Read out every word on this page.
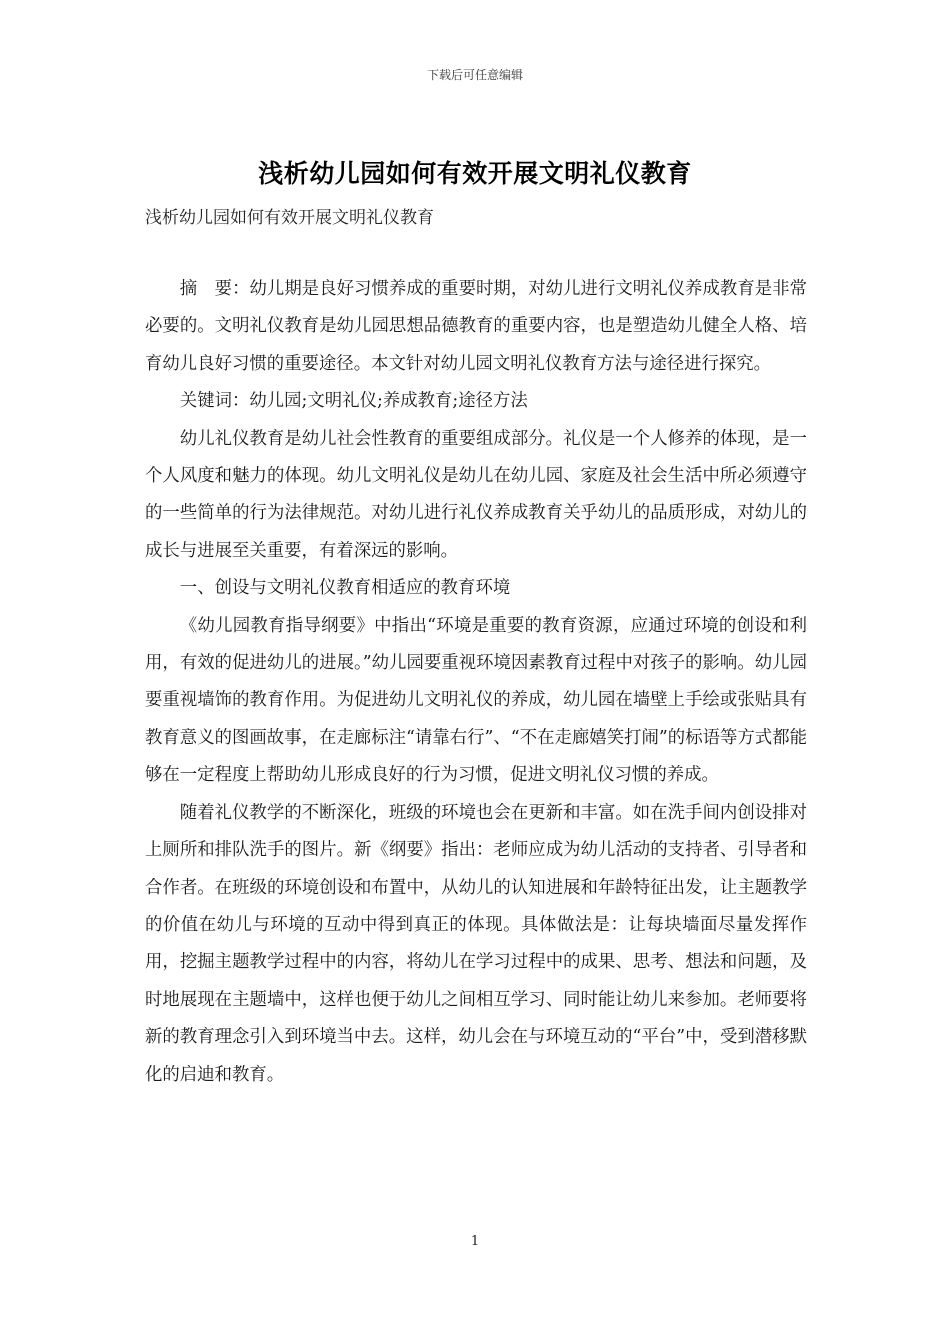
下载后可任意编辑
浅析幼儿园如何有效开展文明礼仪教育
浅析幼儿园如何有效开展文明礼仪教育

摘　要：幼儿期是良好习惯养成的重要时期，对幼儿进行文明礼仪养成教育是非常必要的。文明礼仪教育是幼儿园思想品德教育的重要内容，也是塑造幼儿健全人格、培育幼儿良好习惯的重要途径。本文针对幼儿园文明礼仪教育方法与途径进行探究。

关键词：幼儿园;文明礼仪;养成教育;途径方法

幼儿礼仪教育是幼儿社会性教育的重要组成部分。礼仪是一个人修养的体现，是一个人风度和魅力的体现。幼儿文明礼仪是幼儿在幼儿园、家庭及社会生活中所必须遵守的一些简单的行为法律规范。对幼儿进行礼仪养成教育关乎幼儿的品质形成，对幼儿的成长与进展至关重要，有着深远的影响。

一、创设与文明礼仪教育相适应的教育环境

《幼儿园教育指导纲要》中指出“环境是重要的教育资源，应通过环境的创设和利用，有效的促进幼儿的进展。”幼儿园要重视环境因素教育过程中对孩子的影响。幼儿园要重视墙饰的教育作用。为促进幼儿文明礼仪的养成，幼儿园在墙壁上手绘或张贴具有教育意义的图画故事，在走廊标注“请靠右行”、“不在走廊嬉笑打闹”的标语等方式都能够在一定程度上帮助幼儿形成良好的行为习惯，促进文明礼仪习惯的养成。

随着礼仪教学的不断深化，班级的环境也会在更新和丰富。如在洗手间内创设排对上厕所和排队洗手的图片。新《纲要》指出：老师应成为幼儿活动的支持者、引导者和合作者。在班级的环境创设和布置中，从幼儿的认知进展和年龄特征出发，让主题教学的价值在幼儿与环境的互动中得到真正的体现。具体做法是：让每块墙面尽量发挥作用，挖掘主题教学过程中的内容，将幼儿在学习过程中的成果、思考、想法和问题，及时地展现在主题墙中，这样也便于幼儿之间相互学习、同时能让幼儿来参加。老师要将新的教育理念引入到环境当中去。这样，幼儿会在与环境互动的“平台”中，受到潜移默化的启迪和教育。

1
